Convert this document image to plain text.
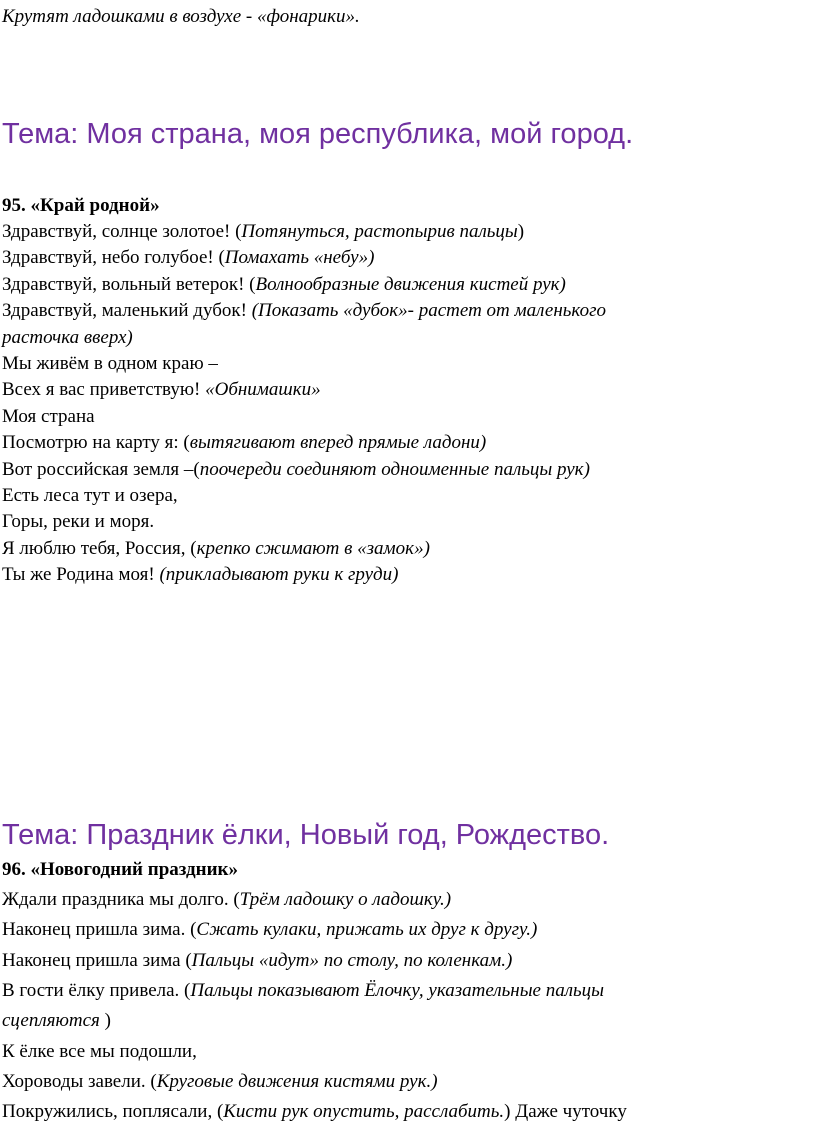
Крутят ладошками в воздухе - «фонарики».
Тема: Моя страна, моя республика, мой город.
95. «Край родной»
Здравствуй, солнце золотое! (Потянуться, растопырив пальцы)
Здравствуй, небо голубое! (Помахать «небу»)
Здравствуй, вольный ветерок! (Волнообразные движения кистей рук)
Здравствуй, маленький дубок! (Показать «дубок»- растет от маленького
расточка вверх)
Мы живём в одном краю –
Всех я вас приветствую! «Обнимашки»
Моя страна
Посмотрю на карту я: (вытягивают вперед прямые ладони)
Вот российская земля –(поочереди соединяют одноименные пальцы рук)
Есть леса тут и озера,
Горы, реки и моря.
Я люблю тебя, Россия, (крепко сжимают в «замок»)
Ты же Родина моя! (прикладывают руки к груди)
Тема: Праздник ёлки, Новый год, Рождество.
96. «Новогодний праздник»
Ждали праздника мы долго. (Трём ладошку о ладошку.)
Наконец пришла зима. (Сжать кулаки, прижать их друг к другу.)
Наконец пришла зима (Пальцы «идут» по столу, по коленкам.)
В гости ёлку привела. (Пальцы показывают Ёлочку, указательные пальцы
сцепляются )
К ёлке все мы подошли,
Хороводы завели. (Круговые движения кистями рук.)
Покружились, поплясали, (Кисти рук опустить, расслабить.) Даже чуточку
